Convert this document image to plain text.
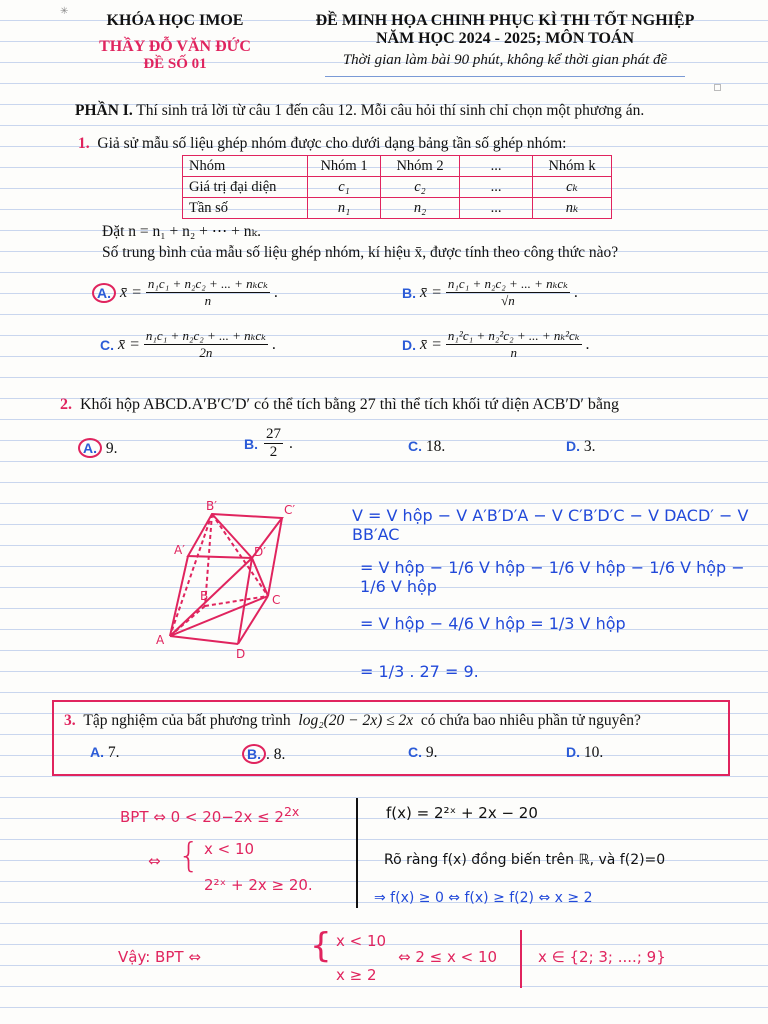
✳
KHÓA HỌC IMOE
THẦY ĐỖ VĂN ĐỨC
ĐỀ SỐ 01
ĐỀ MINH HỌA CHINH PHỤC KÌ THI TỐT NGHIỆP
NĂM HỌC 2024 - 2025; MÔN TOÁN
Thời gian làm bài 90 phút, không kể thời gian phát đề
PHẦN I. Thí sinh trả lời từ câu 1 đến câu 12. Mỗi câu hỏi thí sinh chỉ chọn một phương án.
1. Giả sử mẫu số liệu ghép nhóm được cho dưới dạng bảng tần số ghép nhóm:
Nhóm	Nhóm 1	Nhóm 2	...	Nhóm k
Giá trị đại diện	c₁	c₂	...	cₖ
Tần số	n₁	n₂	...	nₖ
Đặt n = n₁ + n₂ + ⋯ + nₖ.
Số trung bình của mẫu số liệu ghép nhóm, kí hiệu x̄, được tính theo công thức nào?
A. x̄ = $\frac{\text{n₁c₁ + n₂c₂ + ... + nₖcₖ}}{n}$ .	B. x̄ = $\frac{\text{n₁c₁ + n₂c₂ + ... + nₖcₖ}}{√n}$ .
C. x̄ = $\frac{\text{n₁c₁ + n₂c₂ + ... + nₖcₖ}}{2n}$ .	D. x̄ = $\frac{\text{n₁²c₁ + n₂²c₂ + ... + nₖ²cₖ}}{n}$ .
2. Khối hộp ABCD.A′B′C′D′ có thể tích bằng 27 thì thể tích khối tứ diện ACB′D′ bằng
A. 9.	B. $\frac{27}{2}$ .	C. 18.	D. 3.
B′	C′
A′	D′
A
B	C
D
V = V hộp − V A′B′D′A − V C′B′D′C − V DACD′ − V BB′AC
= V hộp − 1/6 V hộp − 1/6 V hộp − 1/6 V hộp − 1/6 V hộp
= V hộp − 4/6 V hộp = 1/3 V hộp
= 1/3 . 27 = 9.
3. Tập nghiệm của bất phương trình log₂(20 − 2x) ≤ 2x có chứa bao nhiêu phần tử nguyên?
A. 7.	B. . 8.	C. 9.	D. 10.
BPT ⇔ $0 < 20-2x \le 2^{2x}$
⇔ { x < 10
2²ˣ + 2x ≥ 20.
f(x) = 2²ˣ + 2x − 20
Rõ ràng f(x) đồng biến trên ℝ, và f(2)=0
⇒ f(x) ≥ 0 ⇔ f(x) ≥ f(2) ⇔ x ≥ 2
Vậy: BPT ⇔	{ x < 10
x ≥ 2
⇔ 2 ≤ x < 10	x ∈ {2; 3; ....; 9}
